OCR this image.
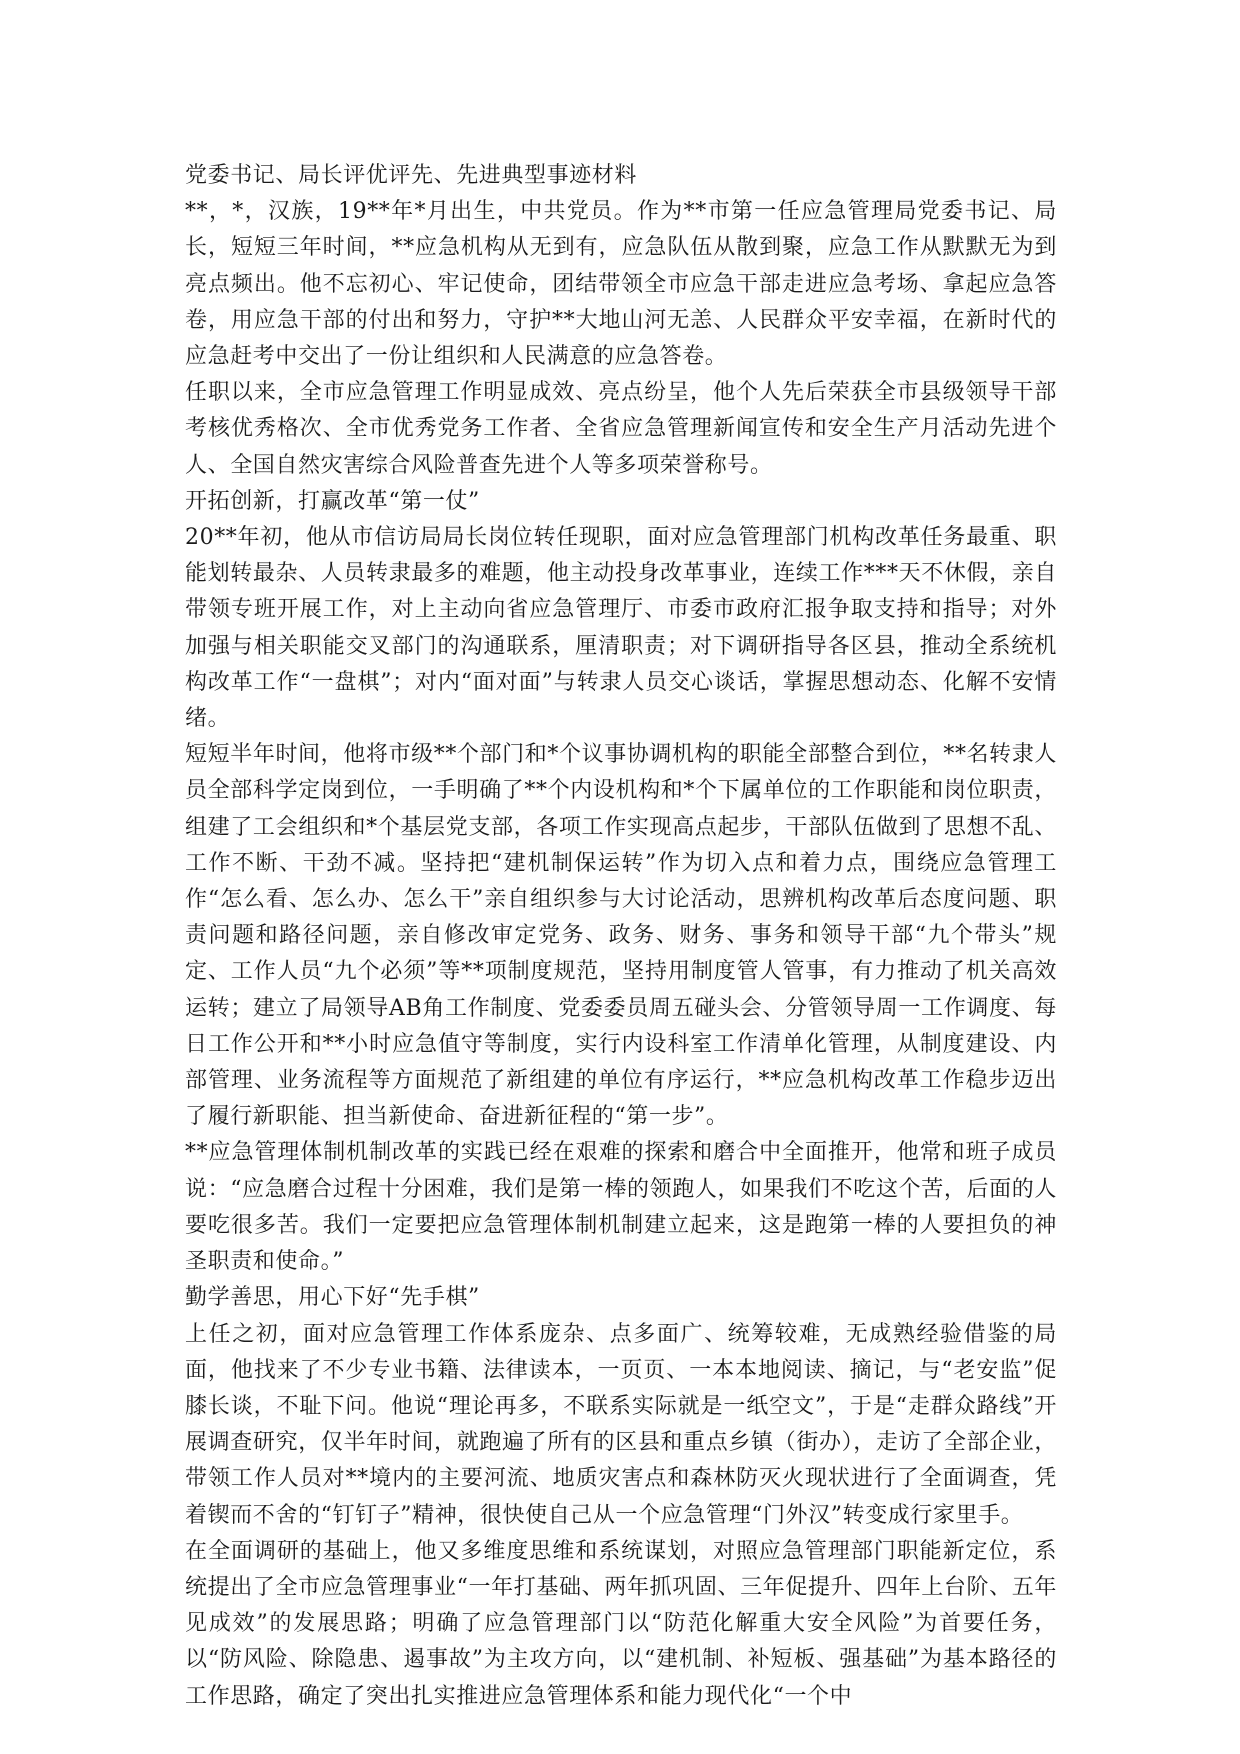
党委书记、局长评优评先、先进典型事迹材料

**，*，汉族，19**年*月出生，中共党员。作为**市第一任应急管理局党委书记、局长，短短三年时间，**应急机构从无到有，应急队伍从散到聚，应急工作从默默无为到亮点频出。他不忘初心、牢记使命，团结带领全市应急干部走进应急考场、拿起应急答卷，用应急干部的付出和努力，守护**大地山河无恙、人民群众平安幸福，在新时代的应急赶考中交出了一份让组织和人民满意的应急答卷。

任职以来，全市应急管理工作明显成效、亮点纷呈，他个人先后荣获全市县级领导干部考核优秀格次、全市优秀党务工作者、全省应急管理新闻宣传和安全生产月活动先进个人、全国自然灾害综合风险普查先进个人等多项荣誉称号。

开拓创新，打赢改革“第一仗”

20**年初，他从市信访局局长岗位转任现职，面对应急管理部门机构改革任务最重、职能划转最杂、人员转隶最多的难题，他主动投身改革事业，连续工作***天不休假，亲自带领专班开展工作，对上主动向省应急管理厅、市委市政府汇报争取支持和指导；对外加强与相关职能交叉部门的沟通联系，厘清职责；对下调研指导各区县，推动全系统机构改革工作“一盘棋”；对内“面对面”与转隶人员交心谈话，掌握思想动态、化解不安情绪。

短短半年时间，他将市级**个部门和*个议事协调机构的职能全部整合到位，**名转隶人员全部科学定岗到位，一手明确了**个内设机构和*个下属单位的工作职能和岗位职责，组建了工会组织和*个基层党支部，各项工作实现高点起步，干部队伍做到了思想不乱、工作不断、干劲不减。坚持把“建机制保运转”作为切入点和着力点，围绕应急管理工作“怎么看、怎么办、怎么干”亲自组织参与大讨论活动，思辨机构改革后态度问题、职责问题和路径问题，亲自修改审定党务、政务、财务、事务和领导干部“九个带头”规定、工作人员“九个必须”等**项制度规范，坚持用制度管人管事，有力推动了机关高效运转；建立了局领导AB角工作制度、党委委员周五碰头会、分管领导周一工作调度、每日工作公开和**小时应急值守等制度，实行内设科室工作清单化管理，从制度建设、内部管理、业务流程等方面规范了新组建的单位有序运行，**应急机构改革工作稳步迈出了履行新职能、担当新使命、奋进新征程的“第一步”。

**应急管理体制机制改革的实践已经在艰难的探索和磨合中全面推开，他常和班子成员说：“应急磨合过程十分困难，我们是第一棒的领跑人，如果我们不吃这个苦，后面的人要吃很多苦。我们一定要把应急管理体制机制建立起来，这是跑第一棒的人要担负的神圣职责和使命。”

勤学善思，用心下好“先手棋”

上任之初，面对应急管理工作体系庞杂、点多面广、统筹较难，无成熟经验借鉴的局面，他找来了不少专业书籍、法律读本，一页页、一本本地阅读、摘记，与“老安监”促膝长谈，不耻下问。他说“理论再多，不联系实际就是一纸空文”，于是“走群众路线”开展调查研究，仅半年时间，就跑遍了所有的区县和重点乡镇（街办），走访了全部企业，带领工作人员对**境内的主要河流、地质灾害点和森林防灭火现状进行了全面调查，凭着锲而不舍的“钉钉子”精神，很快使自己从一个应急管理“门外汉”转变成行家里手。

在全面调研的基础上，他又多维度思维和系统谋划，对照应急管理部门职能新定位，系统提出了全市应急管理事业“一年打基础、两年抓巩固、三年促提升、四年上台阶、五年见成效”的发展思路；明确了应急管理部门以“防范化解重大安全风险”为首要任务，以“防风险、除隐患、遏事故”为主攻方向，以“建机制、补短板、强基础”为基本路径的工作思路，确定了突出扎实推进应急管理体系和能力现代化“一个中
